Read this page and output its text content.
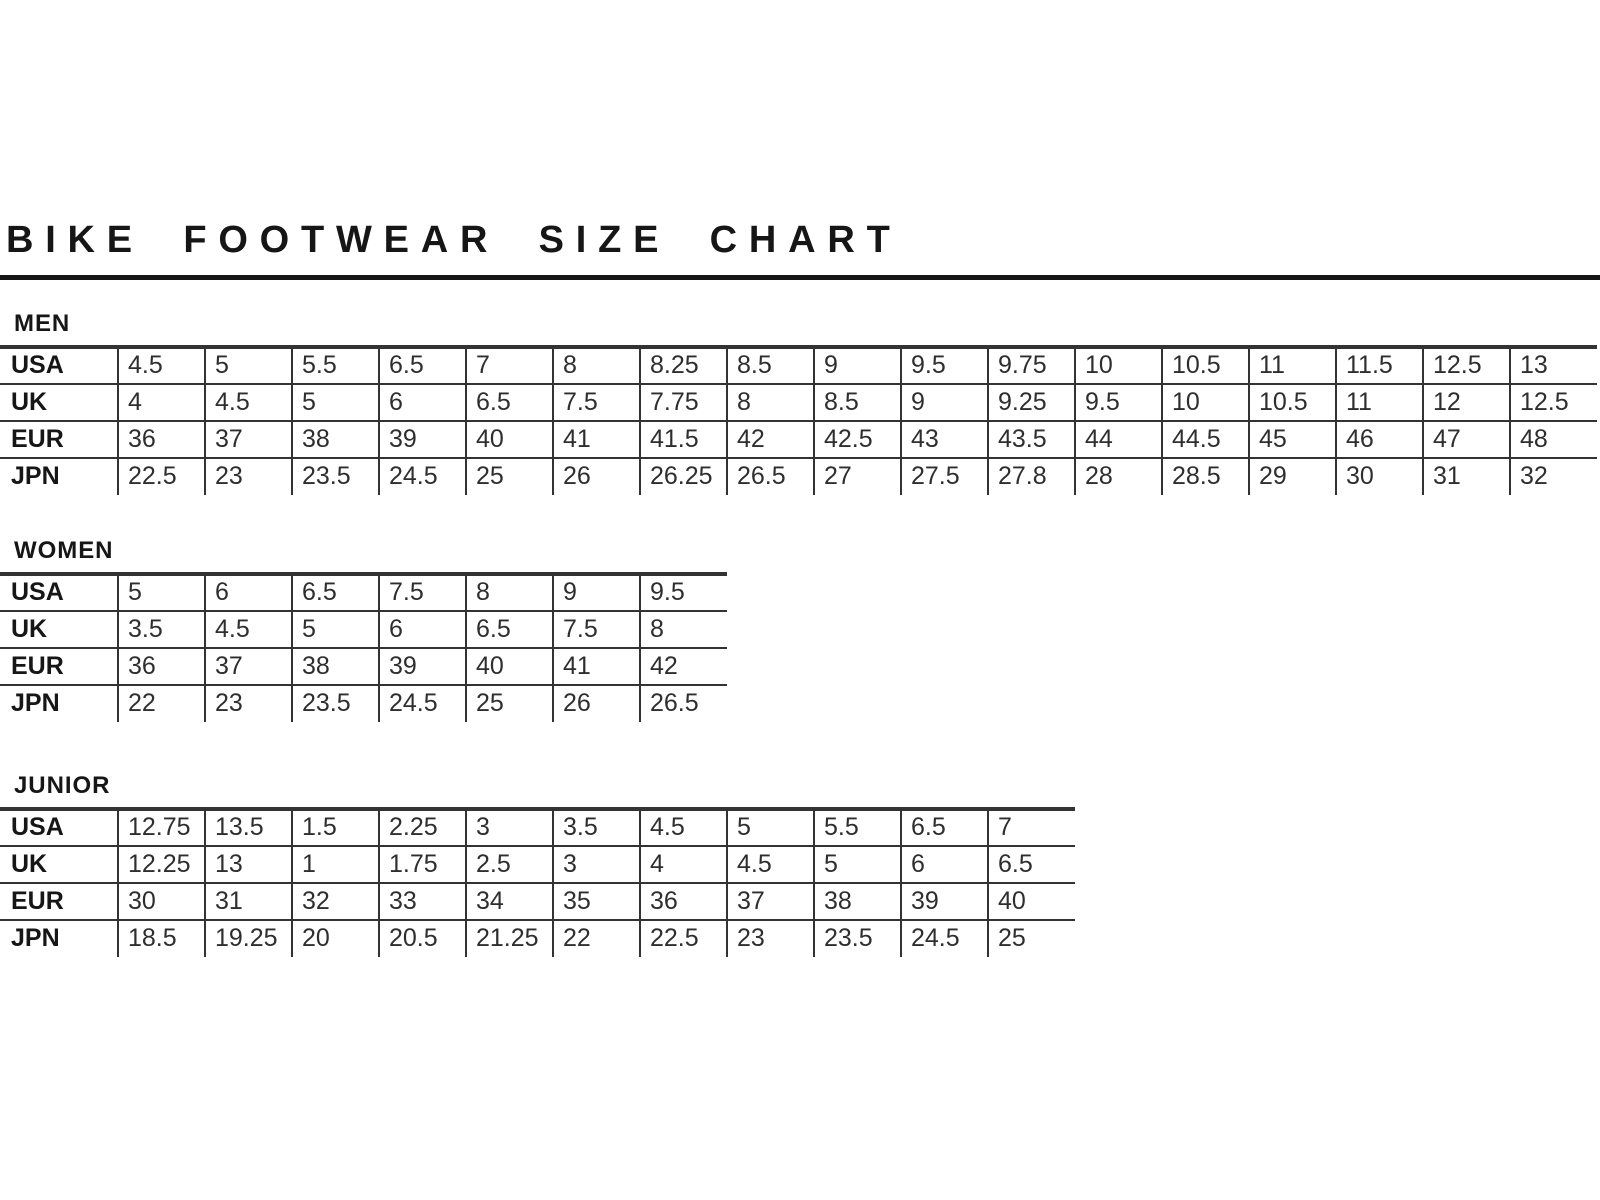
BIKE FOOTWEAR SIZE CHART
MEN
USA	4.5	5	5.5	6.5	7	8	8.25	8.5	9	9.5	9.75	10	10.5	11	11.5	12.5	13
UK	4	4.5	5	6	6.5	7.5	7.75	8	8.5	9	9.25	9.5	10	10.5	11	12	12.5
EUR	36	37	38	39	40	41	41.5	42	42.5	43	43.5	44	44.5	45	46	47	48
JPN	22.5	23	23.5	24.5	25	26	26.25	26.5	27	27.5	27.8	28	28.5	29	30	31	32
WOMEN
USA	5	6	6.5	7.5	8	9	9.5
UK	3.5	4.5	5	6	6.5	7.5	8
EUR	36	37	38	39	40	41	42
JPN	22	23	23.5	24.5	25	26	26.5
JUNIOR
USA	12.75	13.5	1.5	2.25	3	3.5	4.5	5	5.5	6.5	7
UK	12.25	13	1	1.75	2.5	3	4	4.5	5	6	6.5
EUR	30	31	32	33	34	35	36	37	38	39	40
JPN	18.5	19.25	20	20.5	21.25	22	22.5	23	23.5	24.5	25
